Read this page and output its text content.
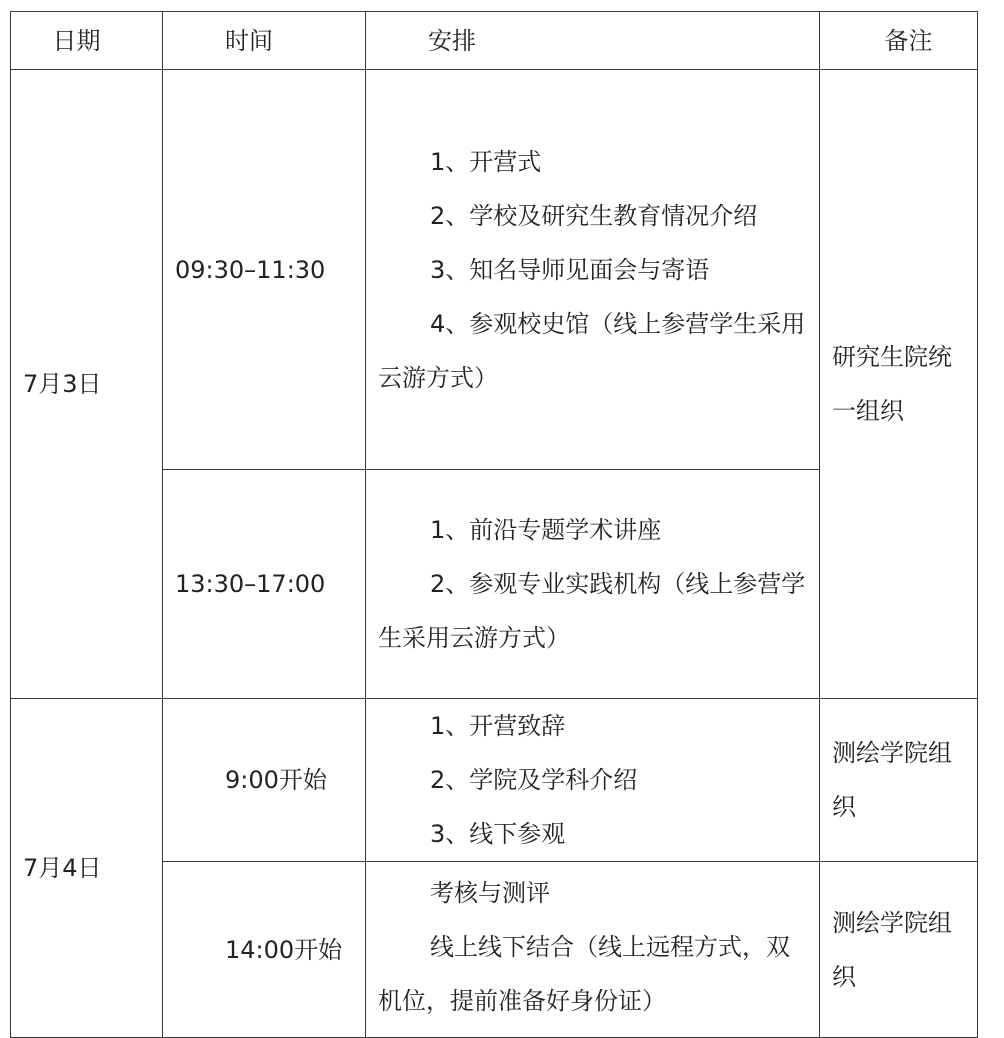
日期	时间	安排	备注
7月3日	09:30–11:30	1、开营式

2、学校及研究生教育情况介绍

3、知名导师见面会与寄语

4、参观校史馆（线上参营学生采用云游方式）	研究生院统一组织

	13:30–17:00	1、前沿专题学术讲座

2、参观专业实践机构（线上参营学生采用云游方式）	

7月4日	9:00开始	1、开营致辞

2、学院及学科介绍

3、线下参观	测绘学院组织

	14:00开始	考核与测评

线上线下结合（线上远程方式，双机位，提前准备好身份证）	测绘学院组织
